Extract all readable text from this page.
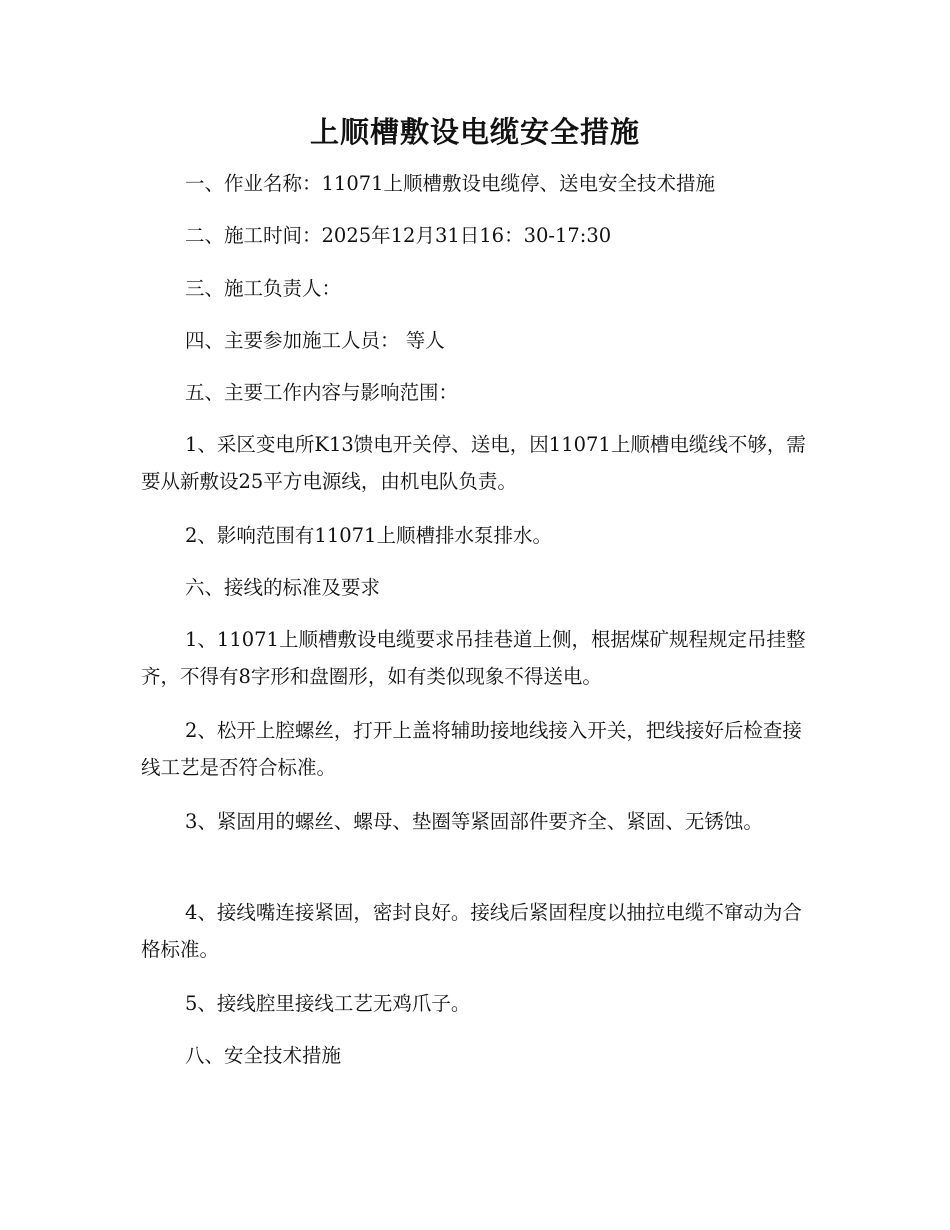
上顺槽敷设电缆安全措施

一、作业名称：11071上顺槽敷设电缆停、送电安全技术措施

二、施工时间：2025年12月31日16：30-17:30

三、施工负责人：

四、主要参加施工人员： 等人

五、主要工作内容与影响范围：

1、采区变电所K13馈电开关停、送电，因11071上顺槽电缆线不够，需要从新敷设25平方电源线，由机电队负责。

2、影响范围有11071上顺槽排水泵排水。

六、接线的标准及要求

1、11071上顺槽敷设电缆要求吊挂巷道上侧，根据煤矿规程规定吊挂整齐，不得有8字形和盘圈形，如有类似现象不得送电。

2、松开上腔螺丝，打开上盖将辅助接地线接入开关，把线接好后检查接线工艺是否符合标准。

3、紧固用的螺丝、螺母、垫圈等紧固部件要齐全、紧固、无锈蚀。

4、接线嘴连接紧固，密封良好。接线后紧固程度以抽拉电缆不窜动为合格标准。

5、接线腔里接线工艺无鸡爪子。

八、安全技术措施
